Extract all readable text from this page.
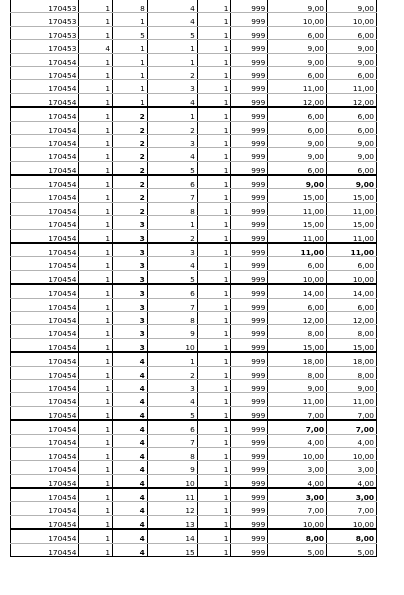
170453	1	8	4	1	999	9,00	9,00
170453	1	1	4	1	999	10,00	10,00
170453	1	5	5	1	999	6,00	6,00
170453	4	1	1	1	999	9,00	9,00
170454	1	1	1	1	999	9,00	9,00
170454	1	1	2	1	999	6,00	6,00
170454	1	1	3	1	999	11,00	11,00
170454	1	1	4	1	999	12,00	12,00
170454	1	2	1	1	999	6,00	6,00
170454	1	2	2	1	999	6,00	6,00
170454	1	2	3	1	999	9,00	9,00
170454	1	2	4	1	999	9,00	9,00
170454	1	2	5	1	999	6,00	6,00
170454	1	2	6	1	999	9,00	9,00
170454	1	2	7	1	999	15,00	15,00
170454	1	2	8	1	999	11,00	11,00
170454	1	3	1	1	999	15,00	15,00
170454	1	3	2	1	999	11,00	11,00
170454	1	3	3	1	999	11,00	11,00
170454	1	3	4	1	999	6,00	6,00
170454	1	3	5	1	999	10,00	10,00
170454	1	3	6	1	999	14,00	14,00
170454	1	3	7	1	999	6,00	6,00
170454	1	3	8	1	999	12,00	12,00
170454	1	3	9	1	999	8,00	8,00
170454	1	3	10	1	999	15,00	15,00
170454	1	4	1	1	999	18,00	18,00
170454	1	4	2	1	999	8,00	8,00
170454	1	4	3	1	999	9,00	9,00
170454	1	4	4	1	999	11,00	11,00
170454	1	4	5	1	999	7,00	7,00
170454	1	4	6	1	999	7,00	7,00
170454	1	4	7	1	999	4,00	4,00
170454	1	4	8	1	999	10,00	10,00
170454	1	4	9	1	999	3,00	3,00
170454	1	4	10	1	999	4,00	4,00
170454	1	4	11	1	999	3,00	3,00
170454	1	4	12	1	999	7,00	7,00
170454	1	4	13	1	999	10,00	10,00
170454	1	4	14	1	999	8,00	8,00
170454	1	4	15	1	999	5,00	5,00
